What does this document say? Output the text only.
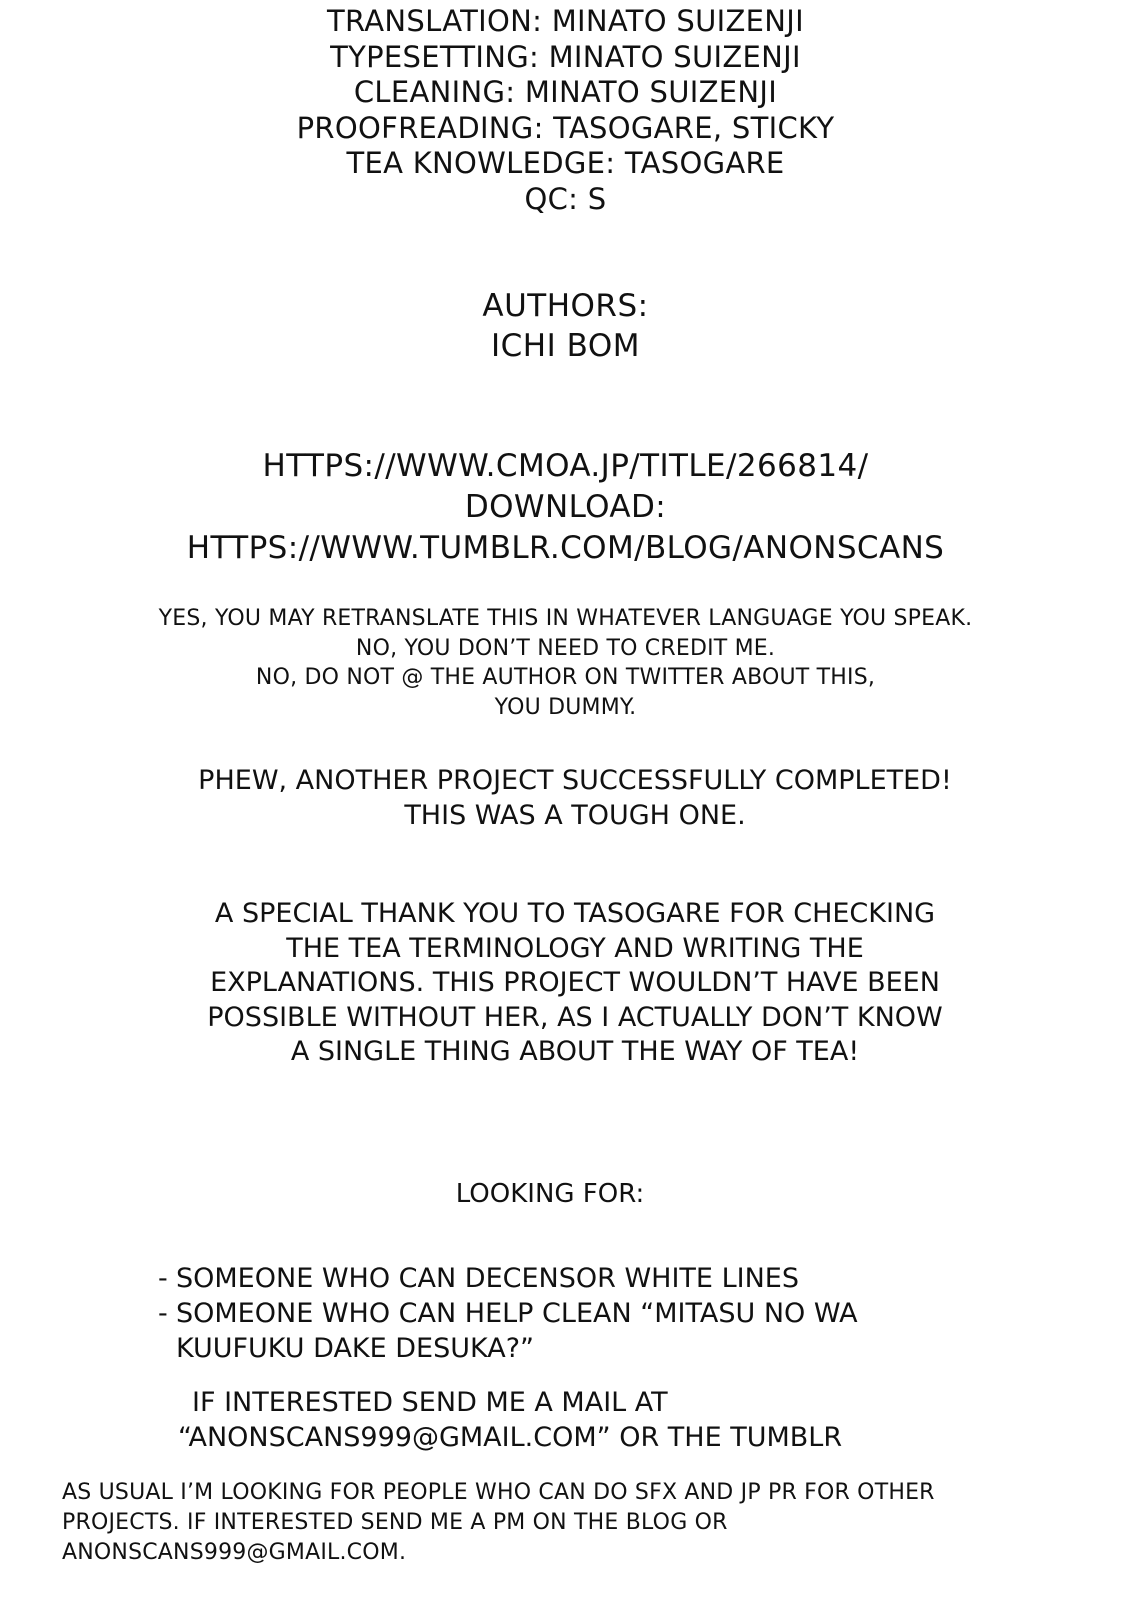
TRANSLATION: MINATO SUIZENJI
TYPESETTING: MINATO SUIZENJI
CLEANING: MINATO SUIZENJI
PROOFREADING: TASOGARE, STICKY
TEA KNOWLEDGE: TASOGARE
QC: S
AUTHORS:
ICHI BOM
HTTPS://WWW.CMOA.JP/TITLE/266814/
DOWNLOAD:
HTTPS://WWW.TUMBLR.COM/BLOG/ANONSCANS
YES, YOU MAY RETRANSLATE THIS IN WHATEVER LANGUAGE YOU SPEAK.
NO, YOU DON’T NEED TO CREDIT ME.
NO, DO NOT @ THE AUTHOR ON TWITTER ABOUT THIS,
YOU DUMMY.
PHEW, ANOTHER PROJECT SUCCESSFULLY COMPLETED!
THIS WAS A TOUGH ONE.
A SPECIAL THANK YOU TO TASOGARE FOR CHECKING
THE TEA TERMINOLOGY AND WRITING THE
EXPLANATIONS. THIS PROJECT WOULDN’T HAVE BEEN
POSSIBLE WITHOUT HER, AS I ACTUALLY DON’T KNOW
A SINGLE THING ABOUT THE WAY OF TEA!
LOOKING FOR:
- SOMEONE WHO CAN DECENSOR WHITE LINES
- SOMEONE WHO CAN HELP CLEAN “MITASU NO WA
KUUFUKU DAKE DESUKA?”
IF INTERESTED SEND ME A MAIL AT
“ANONSCANS999@GMAIL.COM” OR THE TUMBLR
AS USUAL I’M LOOKING FOR PEOPLE WHO CAN DO SFX AND JP PR FOR OTHER
PROJECTS. IF INTERESTED SEND ME A PM ON THE BLOG OR
ANONSCANS999@GMAIL.COM.
